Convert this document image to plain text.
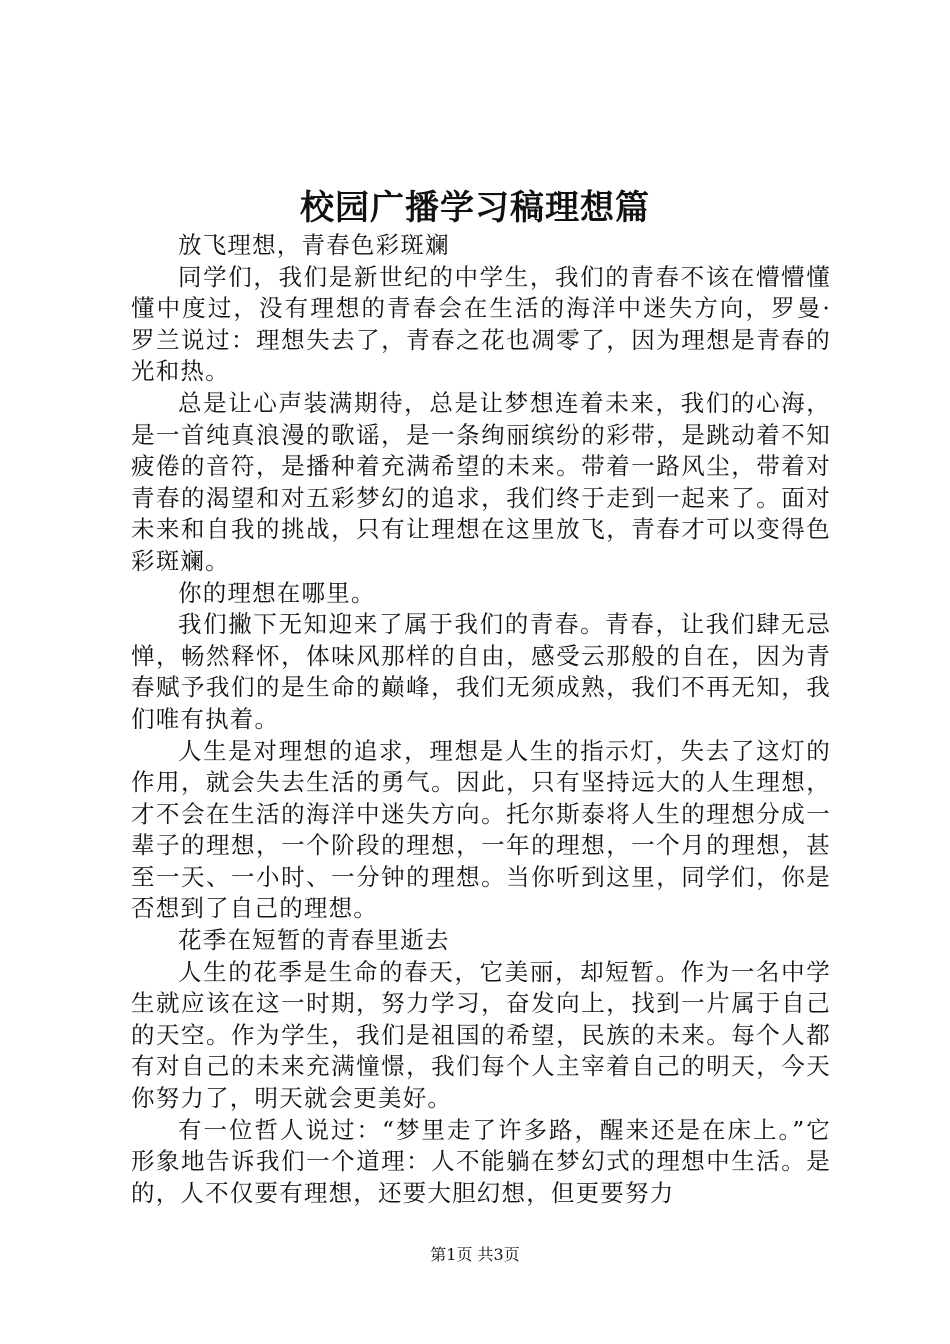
校园广播学习稿理想篇

放飞理想，青春色彩斑斓

同学们，我们是新世纪的中学生，我们的青春不该在懵懵懂懂中度过，没有理想的青春会在生活的海洋中迷失方向，罗曼·罗兰说过：理想失去了，青春之花也凋零了，因为理想是青春的光和热。

总是让心声装满期待，总是让梦想连着未来，我们的心海，是一首纯真浪漫的歌谣，是一条绚丽缤纷的彩带，是跳动着不知疲倦的音符，是播种着充满希望的未来。带着一路风尘，带着对青春的渴望和对五彩梦幻的追求，我们终于走到一起来了。面对未来和自我的挑战，只有让理想在这里放飞，青春才可以变得色彩斑斓。

你的理想在哪里。

我们撇下无知迎来了属于我们的青春。青春，让我们肆无忌惮，畅然释怀，体味风那样的自由，感受云那般的自在，因为青春赋予我们的是生命的巅峰，我们无须成熟，我们不再无知，我们唯有执着。

人生是对理想的追求，理想是人生的指示灯，失去了这灯的作用，就会失去生活的勇气。因此，只有坚持远大的人生理想，才不会在生活的海洋中迷失方向。托尔斯泰将人生的理想分成一辈子的理想，一个阶段的理想，一年的理想，一个月的理想，甚至一天、一小时、一分钟的理想。当你听到这里，同学们，你是否想到了自己的理想。

花季在短暂的青春里逝去

人生的花季是生命的春天，它美丽，却短暂。作为一名中学生就应该在这一时期，努力学习，奋发向上，找到一片属于自己的天空。作为学生，我们是祖国的希望，民族的未来。每个人都有对自己的未来充满憧憬，我们每个人主宰着自己的明天，今天你努力了，明天就会更美好。

有一位哲人说过：“梦里走了许多路，醒来还是在床上。”它形象地告诉我们一个道理：人不能躺在梦幻式的理想中生活。是的，人不仅要有理想，还要大胆幻想，但更要努力

第1页 共3页
